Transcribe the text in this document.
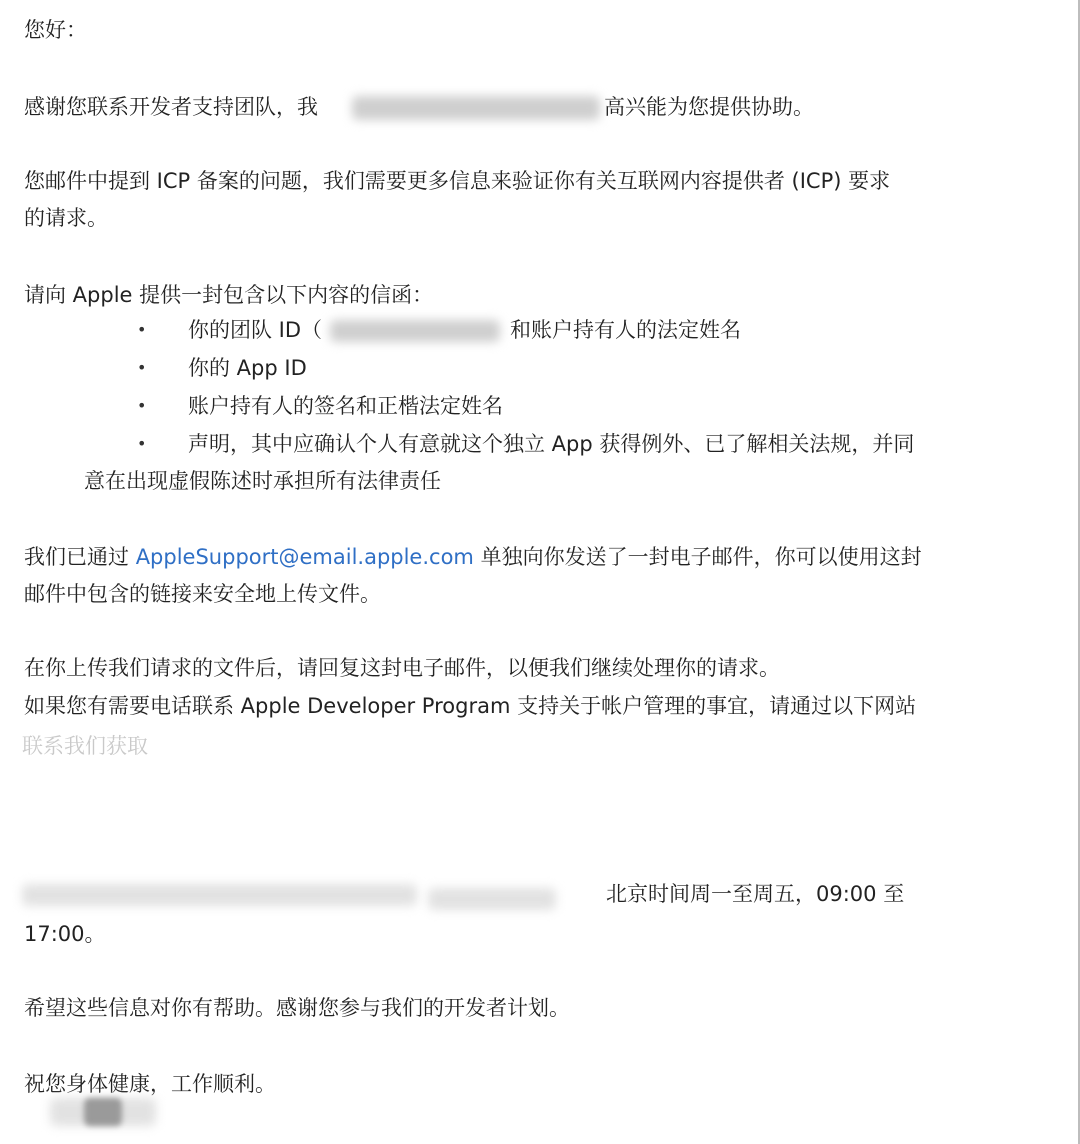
您好：
感谢您联系开发者支持团队，我	高兴能为您提供协助。
您邮件中提到 ICP 备案的问题，我们需要更多信息来验证你有关互联网内容提供者 (ICP) 要求
的请求。
请向 Apple 提供一封包含以下内容的信函：
• 你的团队 ID（	和账户持有人的法定姓名
• 你的 App ID
• 账户持有人的签名和正楷法定姓名
• 声明，其中应确认个人有意就这个独立 App 获得例外、已了解相关法规，并同
意在出现虚假陈述时承担所有法律责任
我们已通过 AppleSupport@email.apple.com 单独向你发送了一封电子邮件，你可以使用这封
邮件中包含的链接来安全地上传文件。
在你上传我们请求的文件后，请回复这封电子邮件，以便我们继续处理你的请求。
如果您有需要电话联系 Apple Developer Program 支持关于帐户管理的事宜，请通过以下网站
联系我们获取
北京时间周一至周五，09:00 至
17:00。
希望这些信息对你有帮助。感谢您参与我们的开发者计划。
祝您身体健康，工作顺利。
